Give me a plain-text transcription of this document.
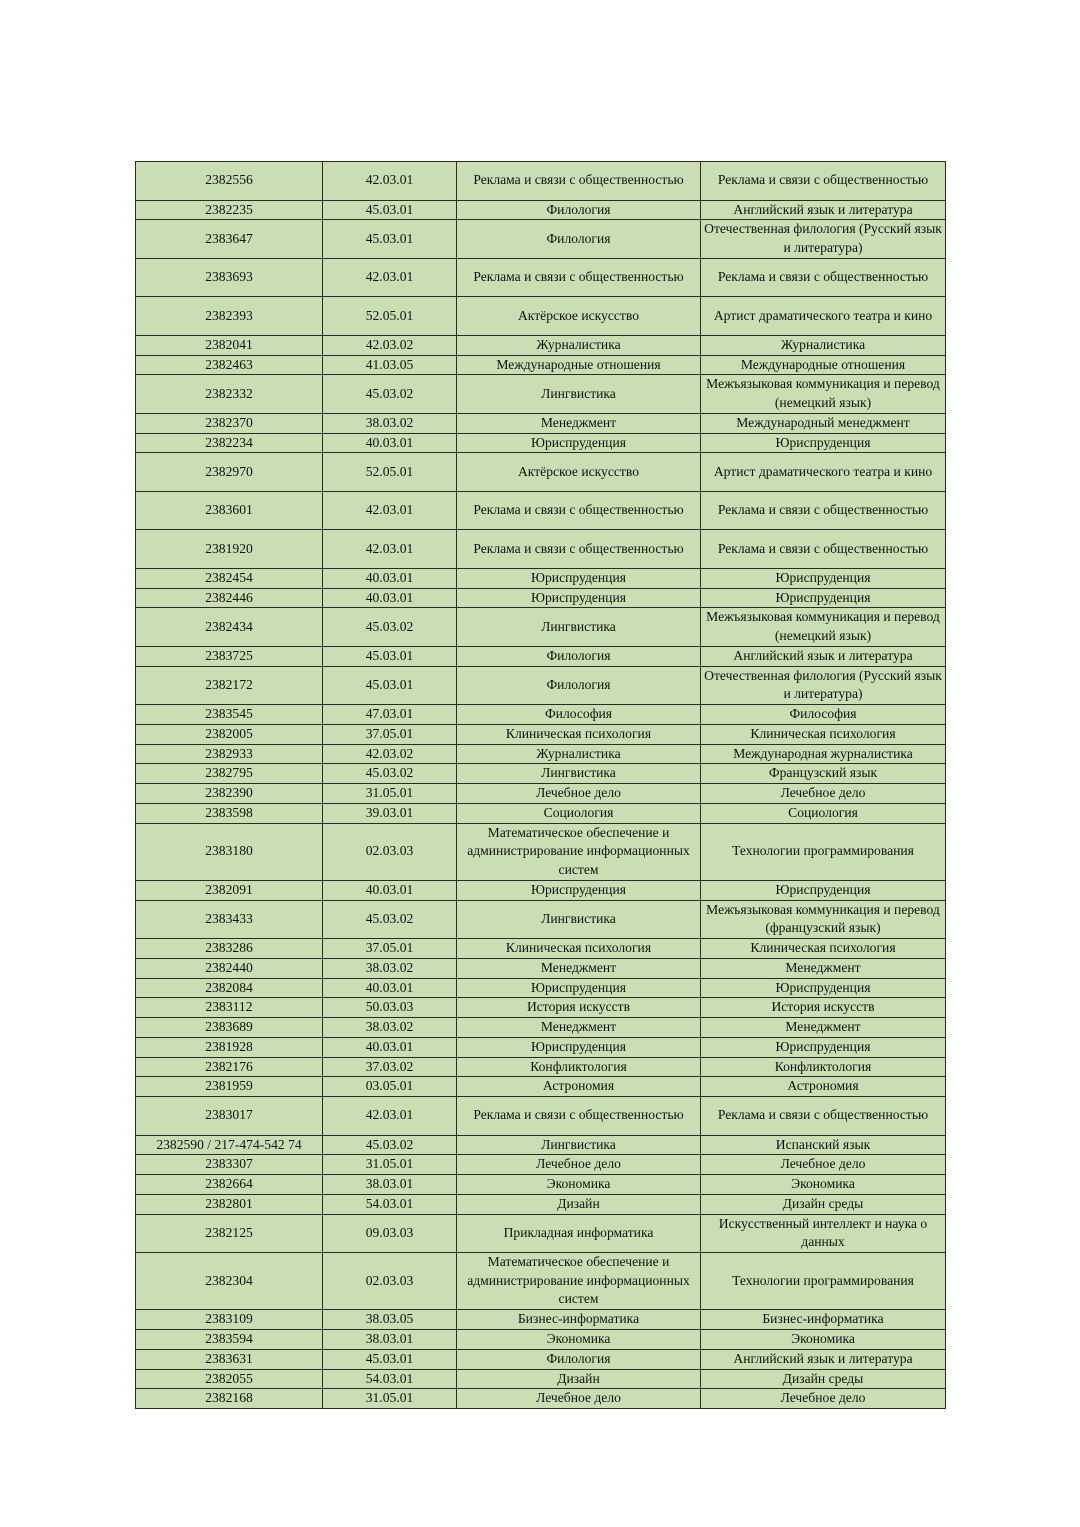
2382556	42.03.01	Реклама и связи с общественностью	Реклама и связи с общественностью
2382235	45.03.01	Филология	Английский язык и литература
2383647	45.03.01	Филология	Отечественная филология (Русский язык и литература)
2383693	42.03.01	Реклама и связи с общественностью	Реклама и связи с общественностью
2382393	52.05.01	Актёрское искусство	Артист драматического театра и кино
2382041	42.03.02	Журналистика	Журналистика
2382463	41.03.05	Международные отношения	Международные отношения
2382332	45.03.02	Лингвистика	Межъязыковая коммуникация и перевод (немецкий язык)
2382370	38.03.02	Менеджмент	Международный менеджмент
2382234	40.03.01	Юриспруденция	Юриспруденция
2382970	52.05.01	Актёрское искусство	Артист драматического театра и кино
2383601	42.03.01	Реклама и связи с общественностью	Реклама и связи с общественностью
2381920	42.03.01	Реклама и связи с общественностью	Реклама и связи с общественностью
2382454	40.03.01	Юриспруденция	Юриспруденция
2382446	40.03.01	Юриспруденция	Юриспруденция
2382434	45.03.02	Лингвистика	Межъязыковая коммуникация и перевод (немецкий язык)
2383725	45.03.01	Филология	Английский язык и литература
2382172	45.03.01	Филология	Отечественная филология (Русский язык и литература)
2383545	47.03.01	Философия	Философия
2382005	37.05.01	Клиническая психология	Клиническая психология
2382933	42.03.02	Журналистика	Международная журналистика
2382795	45.03.02	Лингвистика	Французский язык
2382390	31.05.01	Лечебное дело	Лечебное дело
2383598	39.03.01	Социология	Социология
2383180	02.03.03	Математическое обеспечение и администрирование информационных систем	Технологии программирования
2382091	40.03.01	Юриспруденция	Юриспруденция
2383433	45.03.02	Лингвистика	Межъязыковая коммуникация и перевод (французский язык)
2383286	37.05.01	Клиническая психология	Клиническая психология
2382440	38.03.02	Менеджмент	Менеджмент
2382084	40.03.01	Юриспруденция	Юриспруденция
2383112	50.03.03	История искусств	История искусств
2383689	38.03.02	Менеджмент	Менеджмент
2381928	40.03.01	Юриспруденция	Юриспруденция
2382176	37.03.02	Конфликтология	Конфликтология
2381959	03.05.01	Астрономия	Астрономия
2383017	42.03.01	Реклама и связи с общественностью	Реклама и связи с общественностью
2382590 / 217-474-542 74	45.03.02	Лингвистика	Испанский язык
2383307	31.05.01	Лечебное дело	Лечебное дело
2382664	38.03.01	Экономика	Экономика
2382801	54.03.01	Дизайн	Дизайн среды
2382125	09.03.03	Прикладная информатика	Искусственный интеллект и наука о данных
2382304	02.03.03	Математическое обеспечение и администрирование информационных систем	Технологии программирования
2383109	38.03.05	Бизнес-информатика	Бизнес-информатика
2383594	38.03.01	Экономика	Экономика
2383631	45.03.01	Филология	Английский язык и литература
2382055	54.03.01	Дизайн	Дизайн среды
2382168	31.05.01	Лечебное дело	Лечебное дело
